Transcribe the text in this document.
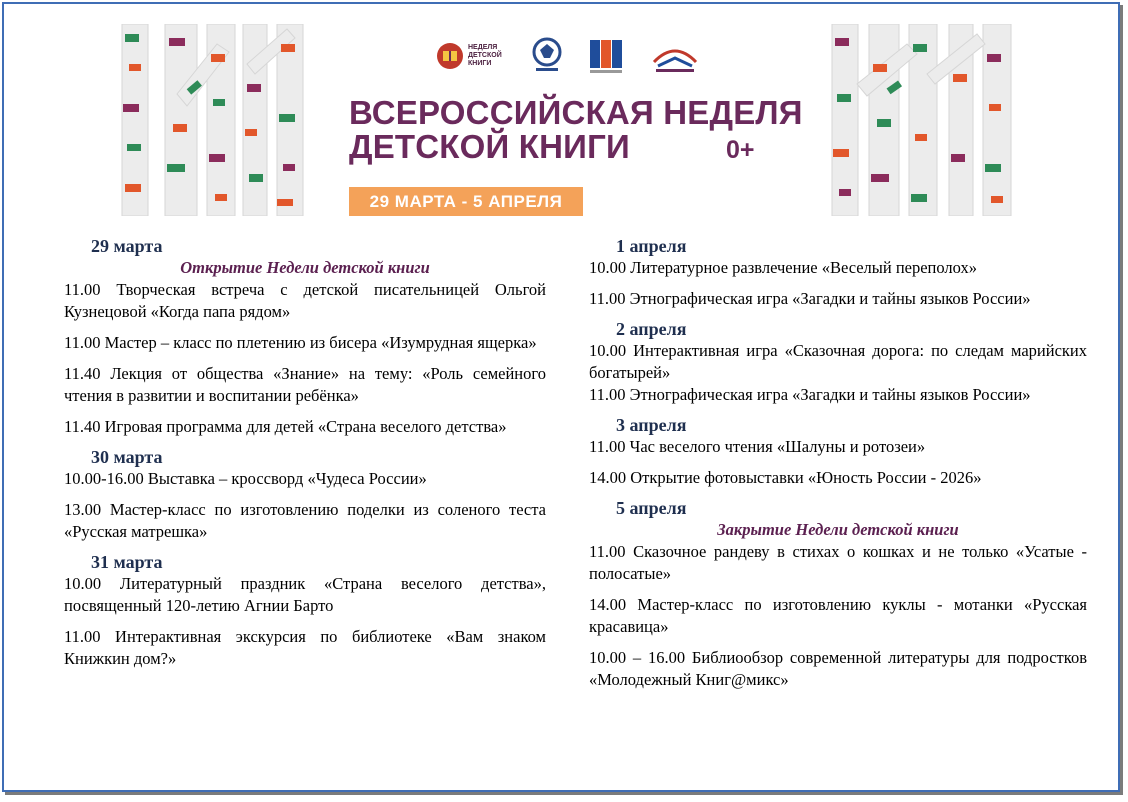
НЕДЕЛЯ ДЕТСКОЙ КНИГИ
ВСЕРОССИЙСКАЯ НЕДЕЛЯ
ДЕТСКОЙ КНИГИ	0+
29 МАРТА - 5 АПРЕЛЯ
29 марта
Открытие Недели детской книги
11.00 Творческая встреча с детской писательницей Ольгой Кузнецовой «Когда папа рядом»
11.00 Мастер – класс по плетению из бисера «Изумрудная ящерка»
11.40 Лекция от общества «Знание» на тему: «Роль семейного чтения в развитии и воспитании ребёнка»
11.40 Игровая программа для детей «Страна веселого детства»
30 марта
10.00-16.00 Выставка – кроссворд «Чудеса России»
13.00 Мастер-класс по изготовлению поделки из соленого теста «Русская матрешка»
31 марта
10.00 Литературный праздник «Страна веселого детства», посвященный 120-летию Агнии Барто
11.00 Интерактивная экскурсия по библиотеке «Вам знаком Книжкин дом?»
1 апреля
10.00 Литературное развлечение «Веселый переполох»
11.00 Этнографическая игра «Загадки и тайны языков России»
2 апреля
10.00 Интерактивная игра «Сказочная дорога: по следам марийских богатырей»
11.00 Этнографическая игра «Загадки и тайны языков России»
3 апреля
11.00 Час веселого чтения «Шалуны и ротозеи»
14.00 Открытие фотовыставки «Юность России - 2026»
5 апреля
Закрытие Недели детской книги
11.00 Сказочное рандеву в стихах о кошках и не только «Усатые - полосатые»
14.00 Мастер-класс по изготовлению куклы - мотанки «Русская красавица»
10.00 – 16.00 Библиообзор современной литературы для подростков «Молодежный Книг@микс»
